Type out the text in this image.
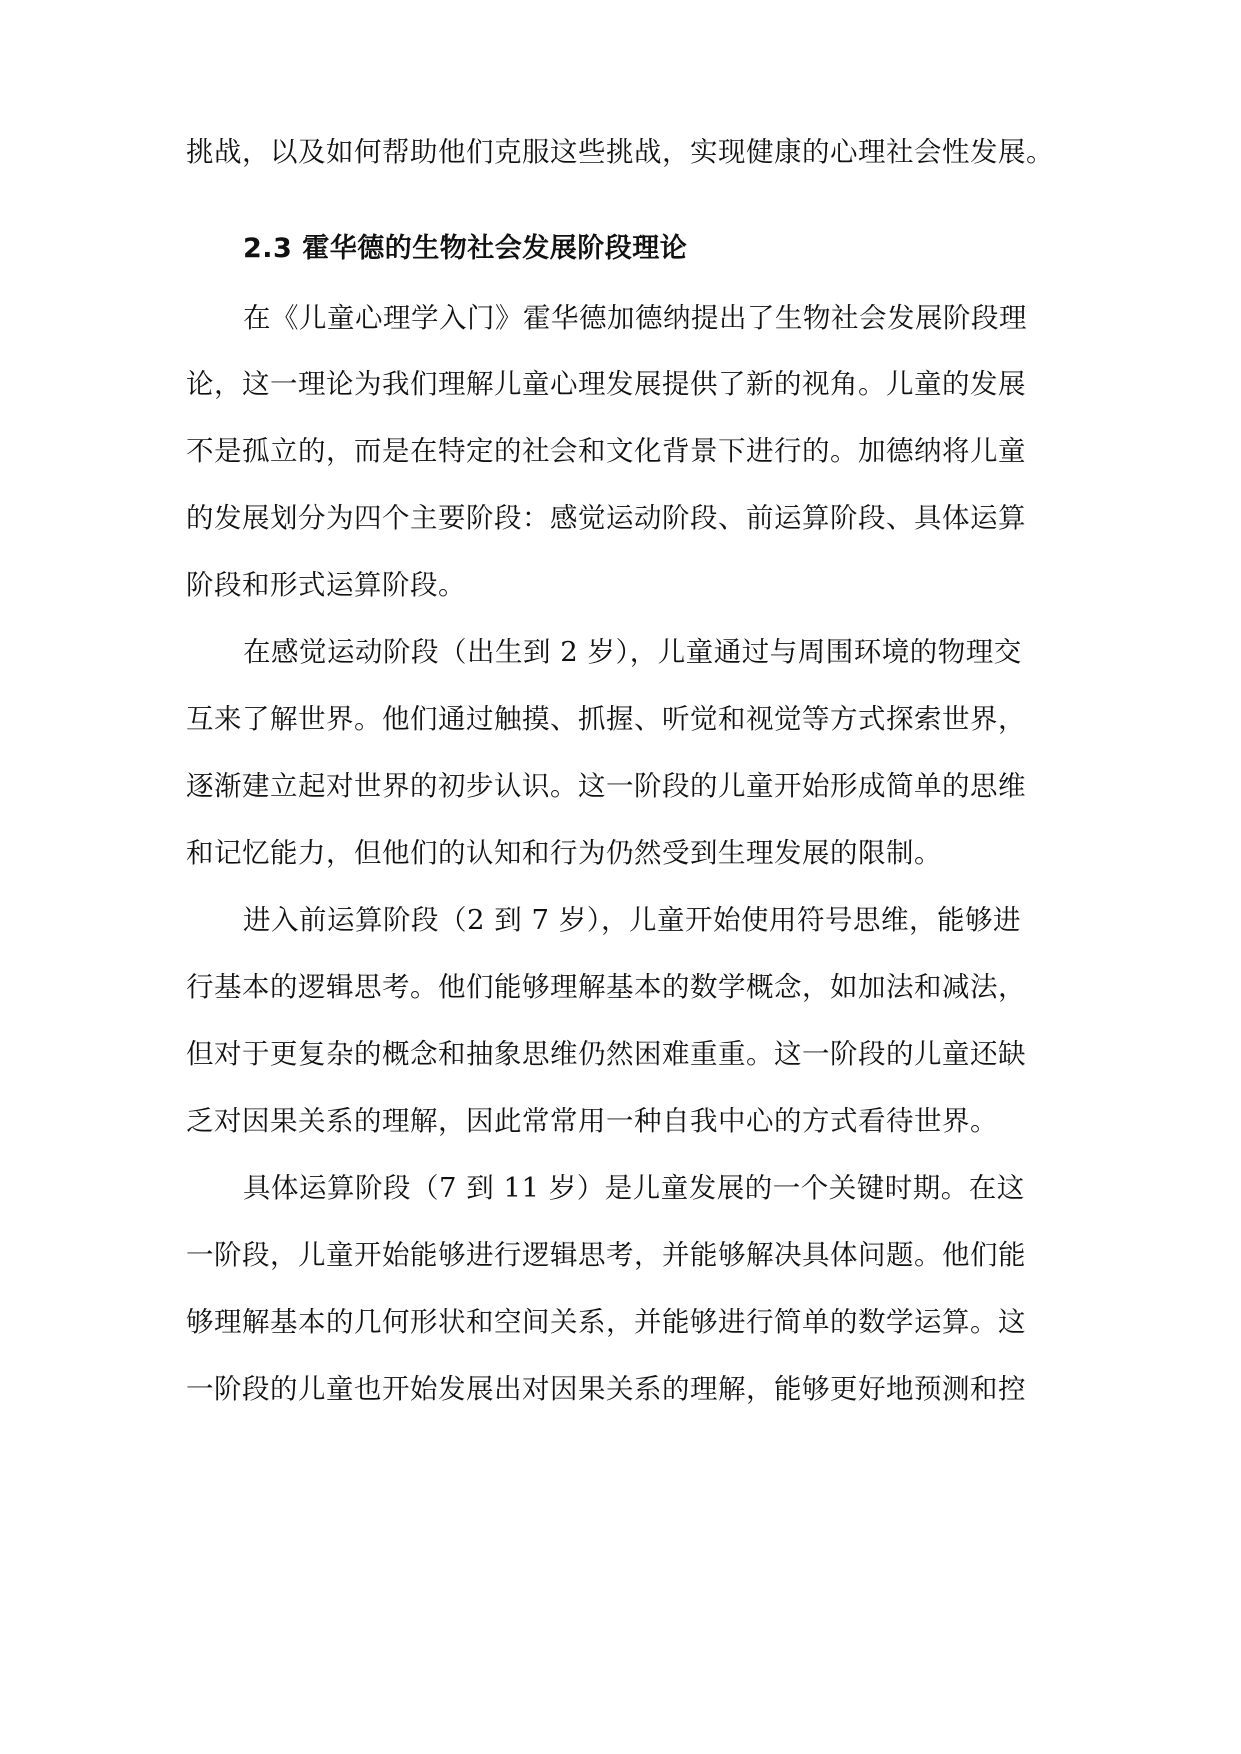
挑战，以及如何帮助他们克服这些挑战，实现健康的心理社会性发展。
2.3 霍华德的生物社会发展阶段理论
在《儿童心理学入门》霍华德加德纳提出了生物社会发展阶段理
论，这一理论为我们理解儿童心理发展提供了新的视角。儿童的发展
不是孤立的，而是在特定的社会和文化背景下进行的。加德纳将儿童
的发展划分为四个主要阶段：感觉运动阶段、前运算阶段、具体运算
阶段和形式运算阶段。
在感觉运动阶段（出生到 2 岁），儿童通过与周围环境的物理交
互来了解世界。他们通过触摸、抓握、听觉和视觉等方式探索世界，
逐渐建立起对世界的初步认识。这一阶段的儿童开始形成简单的思维
和记忆能力，但他们的认知和行为仍然受到生理发展的限制。
进入前运算阶段（2 到 7 岁），儿童开始使用符号思维，能够进
行基本的逻辑思考。他们能够理解基本的数学概念，如加法和减法，
但对于更复杂的概念和抽象思维仍然困难重重。这一阶段的儿童还缺
乏对因果关系的理解，因此常常用一种自我中心的方式看待世界。
具体运算阶段（7 到 11 岁）是儿童发展的一个关键时期。在这
一阶段，儿童开始能够进行逻辑思考，并能够解决具体问题。他们能
够理解基本的几何形状和空间关系，并能够进行简单的数学运算。这
一阶段的儿童也开始发展出对因果关系的理解，能够更好地预测和控
